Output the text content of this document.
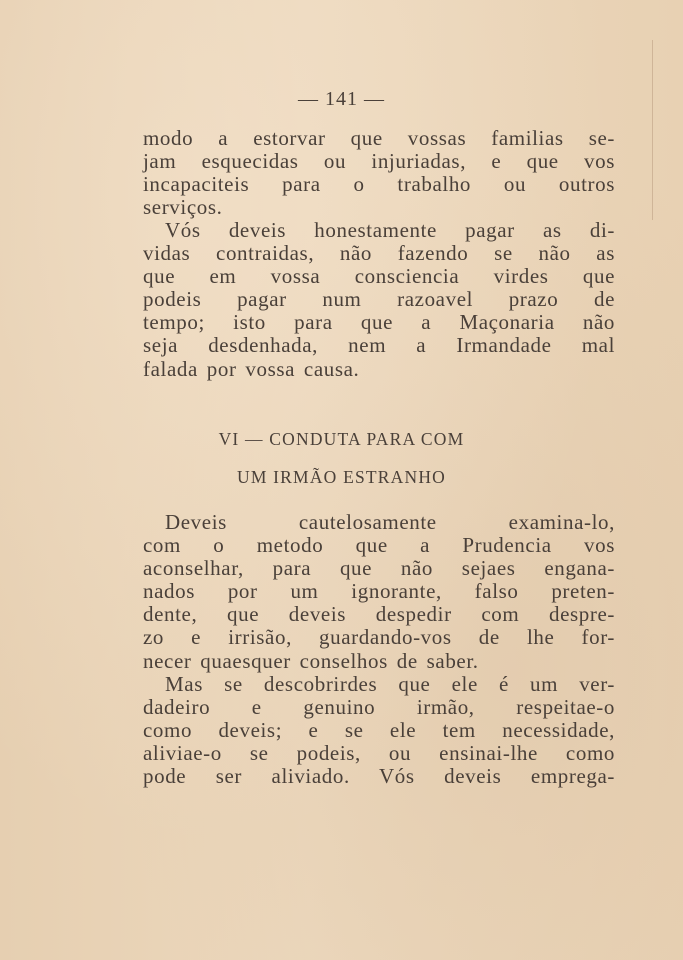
— 141 —
modo a estorvar que vossas familias se-
jam esquecidas ou injuriadas, e que vos
incapaciteis para o trabalho ou outros
serviços.
Vós deveis honestamente pagar as di-
vidas contraidas, não fazendo se não as
que em vossa consciencia virdes que
podeis pagar num razoavel prazo de
tempo; isto para que a Maçonaria não
seja desdenhada, nem a Irmandade mal
falada por vossa causa.
VI — CONDUTA PARA COM
UM IRMÃO ESTRANHO
Deveis cautelosamente examina-lo,
com o metodo que a Prudencia vos
aconselhar, para que não sejaes engana-
nados por um ignorante, falso preten-
dente, que deveis despedir com despre-
zo e irrisão, guardando-vos de lhe for-
necer quaesquer conselhos de saber.
Mas se descobrirdes que ele é um ver-
dadeiro e genuino irmão, respeitae-o
como deveis; e se ele tem necessidade,
aliviae-o se podeis, ou ensinai-lhe como
pode ser aliviado. Vós deveis emprega-
